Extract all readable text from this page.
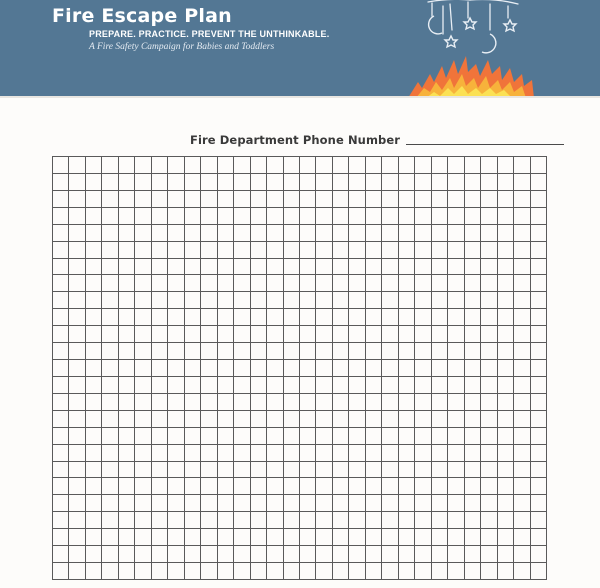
Fire Escape Plan
PREPARE. PRACTICE. PREVENT THE UNTHINKABLE.
A Fire Safety Campaign for Babies and Toddlers
Fire Department Phone Number
